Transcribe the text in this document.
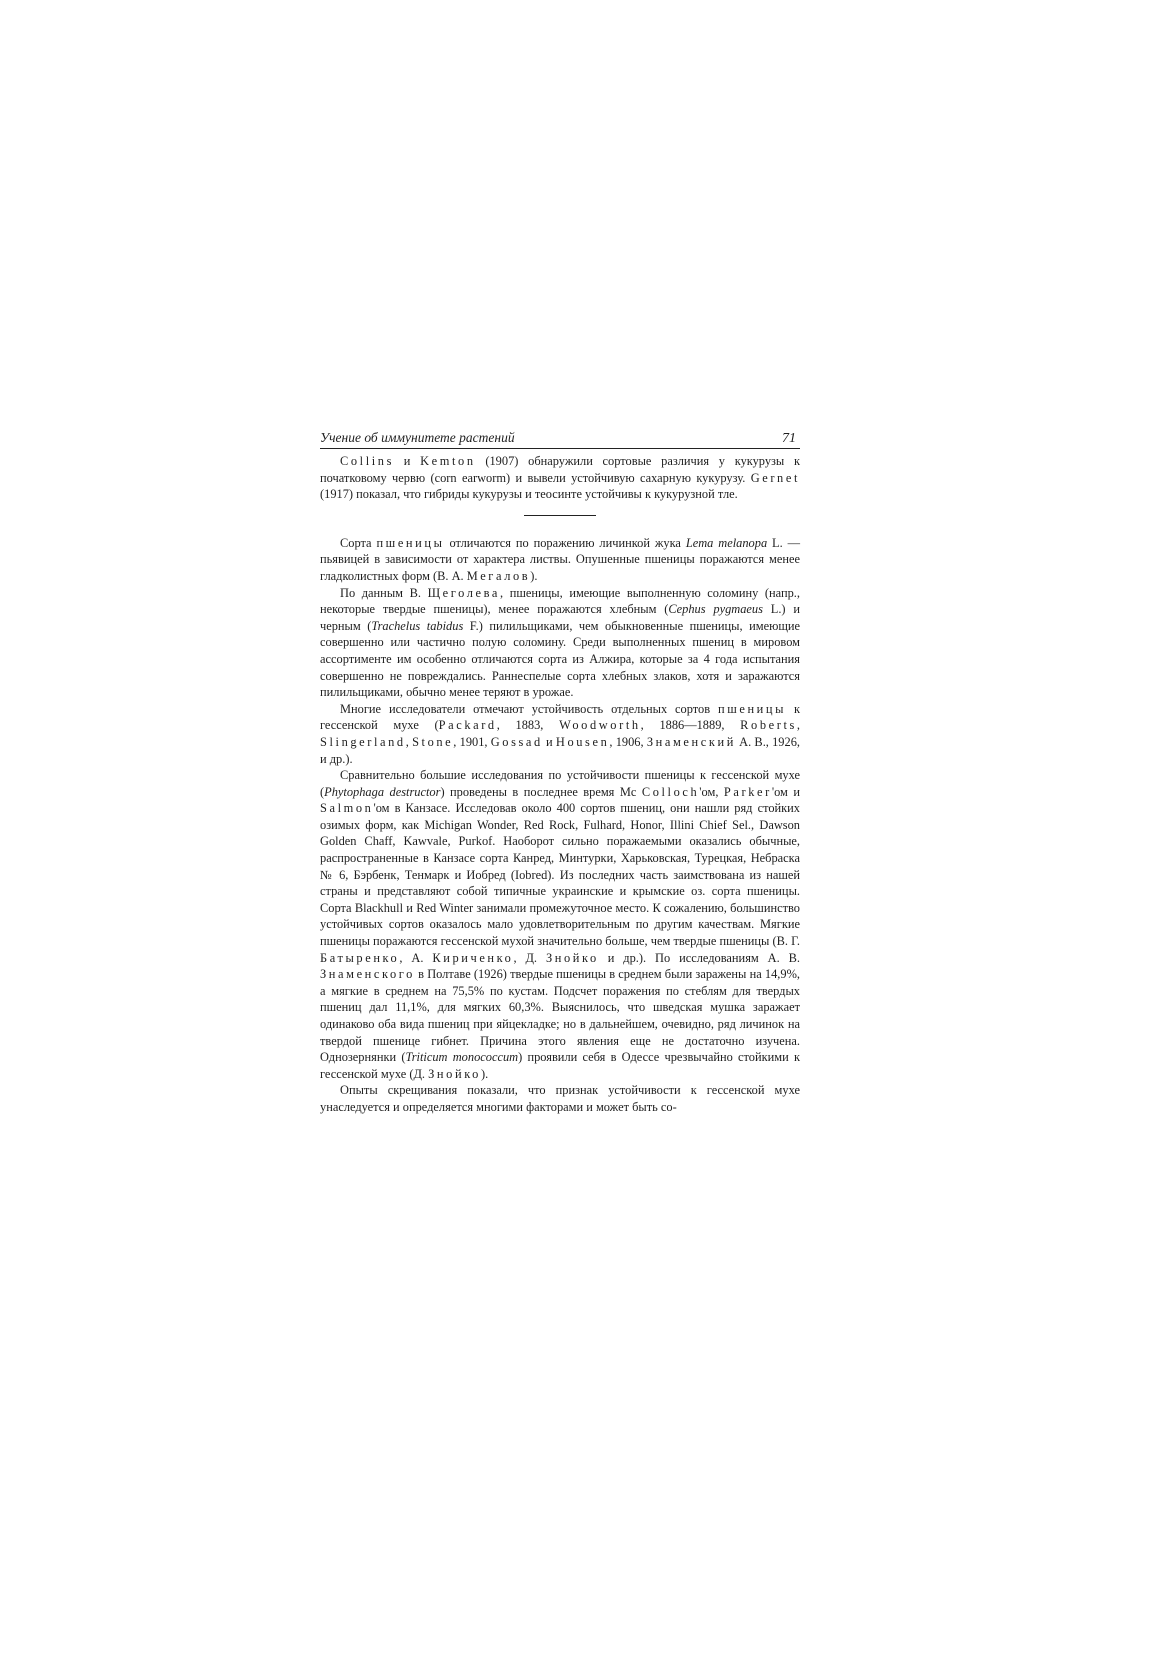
Учение об иммунитете растений	71

Collins и Kemton (1907) обнаружили сортовые различия у кукурузы к початковому червю (corn earworm) и вывели устойчивую сахарную кукурузу. Gernet (1917) показал, что гибриды кукурузы и теосинте устойчивы к кукурузной тле.

Сорта пшеницы отличаются по поражению личинкой жука Lema melanopa L. — пьявицей в зависимости от характера листвы. Опушенные пшеницы поражаются менее гладколистных форм (В. А. Мегалов).

По данным В. Щеголева, пшеницы, имеющие выполненную соломину (напр., некоторые твердые пшеницы), менее поражаются хлебным (Cephus pygmaeus L.) и черным (Trachelus tabidus F.) пилильщиками, чем обыкновенные пшеницы, имеющие совершенно или частично полую соломину. Среди выполненных пшениц в мировом ассортименте им особенно отличаются сорта из Алжира, которые за 4 года испытания совершенно не повреждались. Раннеспелые сорта хлебных злаков, хотя и заражаются пилильщиками, обычно менее теряют в урожае.

Многие исследователи отмечают устойчивость отдельных сортов пшеницы к гессенской мухе (Packard, 1883, Woodworth, 1886—1889, Roberts, Slingerland, Stone, 1901, Gossad и Housen, 1906, Знаменский А. В., 1926, и др.).

Сравнительно большие исследования по устойчивости пшеницы к гессенской мухе (Phytophaga destructor) проведены в последнее время Mc Colloch'ом, Parker'ом и Salmon'ом в Канзасе. Исследовав около 400 сортов пшениц, они нашли ряд стойких озимых форм, как Michigan Wonder, Red Rock, Fulhard, Honor, Illini Chief Sel., Dawson Golden Chaff, Kawvale, Purkof. Наоборот сильно поражаемыми оказались обычные, распространенные в Канзасе сорта Канред, Минтурки, Харьковская, Турецкая, Небраска № 6, Бэрбенк, Тенмарк и Иобред (Iobred). Из последних часть заимствована из нашей страны и представляют собой типичные украинские и крымские оз. сорта пшеницы. Сорта Blackhull и Red Winter занимали промежуточное место. К сожалению, большинство устойчивых сортов оказалось мало удовлетворительным по другим качествам. Мягкие пшеницы поражаются гессенской мухой значительно больше, чем твердые пшеницы (В. Г. Батыренко, А. Кириченко, Д. Знойко и др.). По исследованиям А. В. Знаменского в Полтаве (1926) твердые пшеницы в среднем были заражены на 14,9%, а мягкие в среднем на 75,5% по кустам. Подсчет поражения по стеблям для твердых пшениц дал 11,1%, для мягких 60,3%. Выяснилось, что шведская мушка заражает одинаково оба вида пшениц при яйцекладке; но в дальнейшем, очевидно, ряд личинок на твердой пшенице гибнет. Причина этого явления еще не достаточно изучена. Однозернянки (Triticum monococcum) проявили себя в Одессе чрезвычайно стойкими к гессенской мухе (Д. Знойко).

Опыты скрещивания показали, что признак устойчивости к гессенской мухе унаследуется и определяется многими факторами и может быть со-
